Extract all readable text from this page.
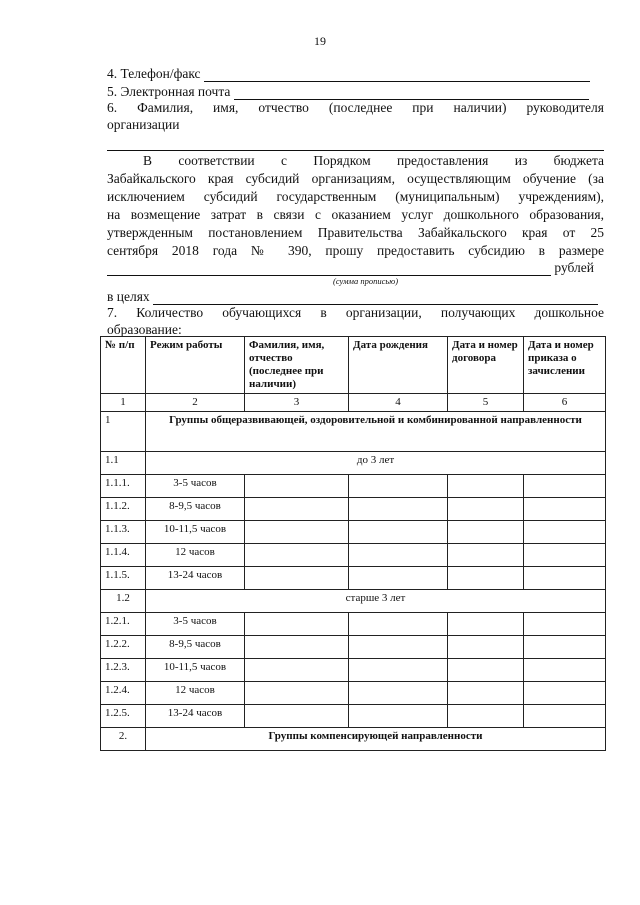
19
4. Телефон/факс
5. Электронная почта
6. Фамилия, имя, отчество (последнее при наличии) руководителя
организации

В соответствии с Порядком предоставления из бюджета
Забайкальского края субсидий организациям, осуществляющим обучение (за
исключением субсидий государственным (муниципальным) учреждениям),
на возмещение затрат в связи с оказанием услуг дошкольного образования,
утвержденным постановлением Правительства Забайкальского края от 25
сентября 2018 года № 390, прошу предоставить субсидию в размере
рублей
(сумма прописью)
в целях
7. Количество обучающихся в организации, получающих дошкольное
образование:
№ п/п	Режим работы	Фамилия, имя, отчество (последнее при наличии)	Дата рождения	Дата и номер договора	Дата и номер приказа о зачислении
1	2	3	4	5	6
1	Группы общеразвивающей, оздоровительной и комбинированной направленности				
1.1	до 3 лет				
1.1.1.	3-5 часов				
1.1.2.	8-9,5 часов				
1.1.3.	10-11,5 часов				
1.1.4.	12 часов				
1.1.5.	13-24 часов				
1.2	старше 3 лет				
1.2.1.	3-5 часов				
1.2.2.	8-9,5 часов				
1.2.3.	10-11,5 часов				
1.2.4.	12 часов				
1.2.5.	13-24 часов				
2.	Группы компенсирующей направленности				
